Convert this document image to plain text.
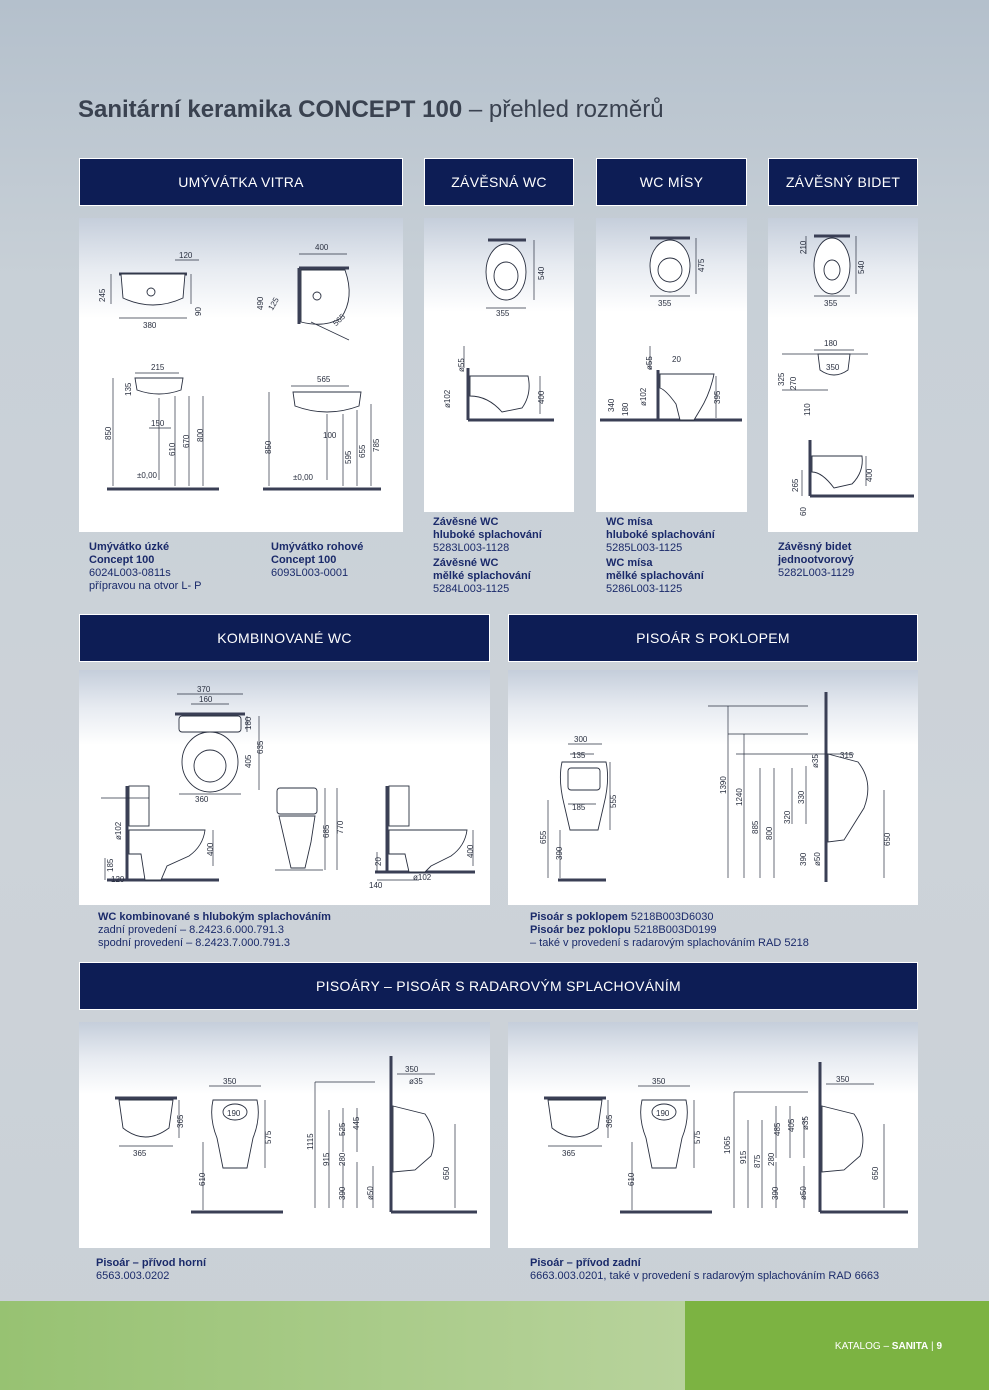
Sanitární keramika CONCEPT 100 – přehled rozměrů
UMÝVÁTKA VITRA	ZÁVĚSNÁ WC	WC MÍSY	ZÁVĚSNÝ BIDET
120
245
380
90
215
135
850
610
670 800
150
±0,00
400
490 125
565
565
850
100
595 655 785
±0,00
540
355
ø55
ø102	400
475
355
ø55 20
340 180
ø102	395
210
540
355
180
350
325 270
110
400
265
60
Umývátko úzké
Concept 100
6024L003-0811s
přípravou na otvor L- P
Umývátko rohové
Concept 100
6093L003-0001
Závěsné WC
hluboké splachování
5283L003-1128
Závěsné WC
mělké splachování
5284L003-1125
WC mísa
hluboké splachování
5285L003-1125
WC mísa
mělké splachování
5286L003-1125
Závěsný bidet
jednootvorový
5282L003-1129
KOMBINOVANÉ WC	PISOÁR S POKLOPEM
370
160
180
405
635
360
ø102
185
400
120
685 770
20
400
140
ø102
300
135
185	555
655
390
1390
1240
885 800
320
330
ø35	315
390 ø50
650
WC kombinované s hlubokým splachováním
zadní provedení – 8.2423.6.000.791.3
spodní provedení – 8.2423.7.000.791.3
Pisoár s poklopem 5218B003D6030
Pisoár bez poklopu 5218B003D0199
– také v provedení s radarovým splachováním RAD 5218
PISOÁRY – PISOÁR S RADAROVÝM SPLACHOVÁNÍM
365
365
350
190
575
610
350
ø35
1115
915
525 445
280
390 ø50
650
365
365
350
190
575
610
350
1065
915 875
485 405
280
ø35
390 ø50
650
Pisoár – přívod horní
6563.003.0202
Pisoár – přívod zadní
6663.003.0201, také v provedení s radarovým splachováním RAD 6663
KATALOG – SANITA | 9
